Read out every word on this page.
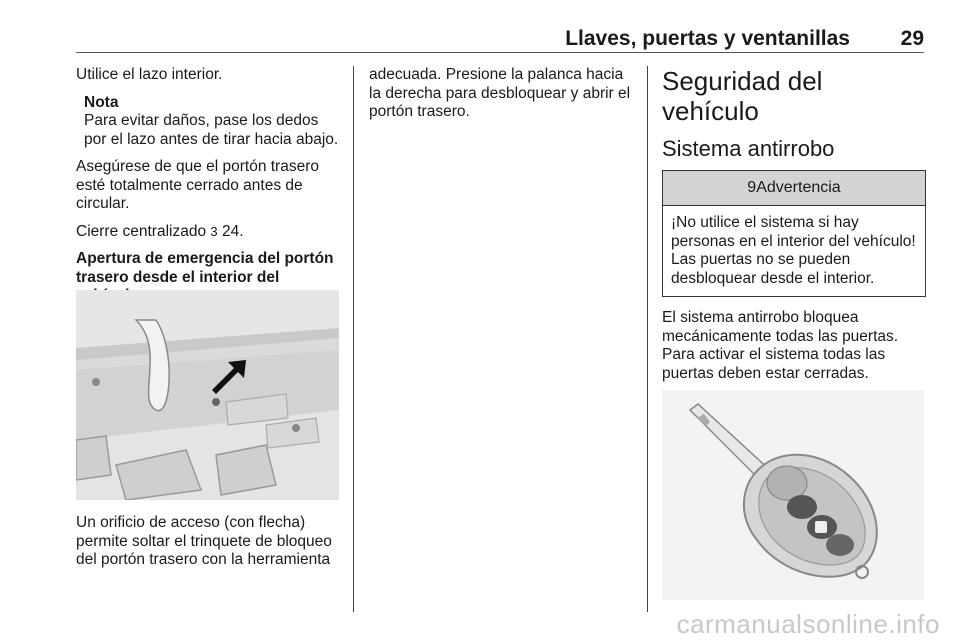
Llaves, puertas y ventanillas 29

Utilice el lazo interior.

Nota
Para evitar daños, pase los dedos por el lazo antes de tirar hacia abajo.

Asegúrese de que el portón trasero esté totalmente cerrado antes de circular.

Cierre centralizado 3 24.

Apertura de emergencia del portón trasero desde el interior del

Un orificio de acceso (con flecha) permite soltar el trinquete de bloqueo del portón trasero con la herramienta

adecuada. Presione la palanca hacia la derecha para desbloquear y abrir el portón trasero.

Seguridad del vehículo
Sistema antirrobo
9Advertencia
¡No utilice el sistema si hay personas en el interior del vehículo! Las puertas no se pueden desbloquear desde el interior.

El sistema antirrobo bloquea mecánicamente todas las puertas. Para activar el sistema todas las puertas deben estar cerradas.

carmanualsonline.info
